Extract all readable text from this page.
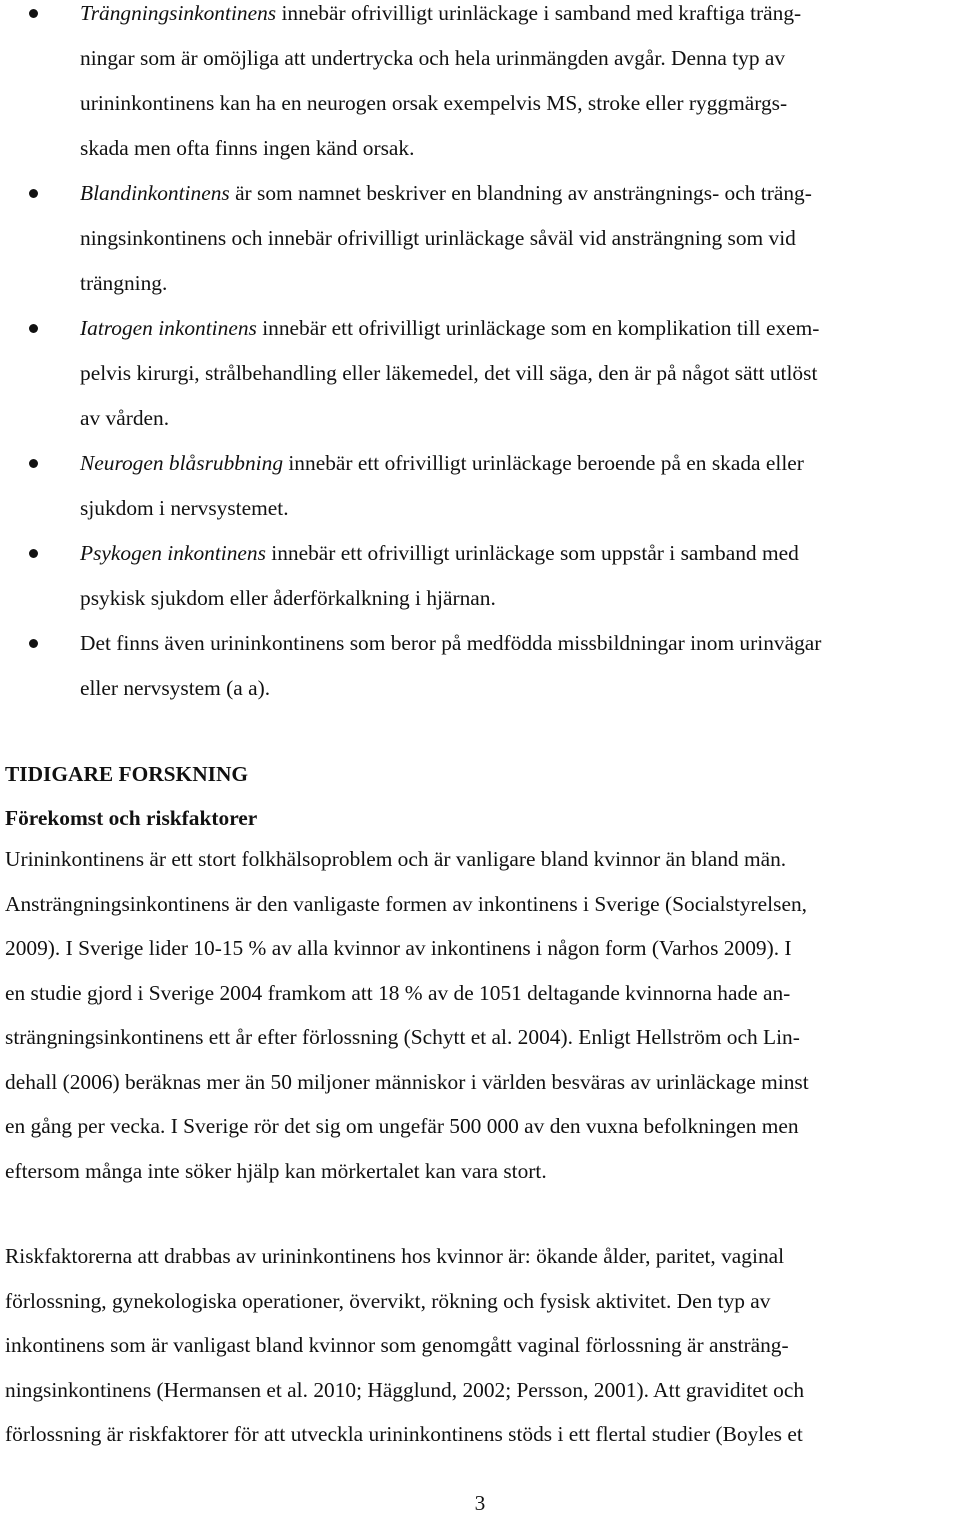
Trängningsinkontinens innebär ofrivilligt urinläckage i samband med kraftiga träng-
ningar som är omöjliga att undertrycka och hela urinmängden avgår. Denna typ av
urininkontinens kan ha en neurogen orsak exempelvis MS, stroke eller ryggmärgs-
skada men ofta finns ingen känd orsak.
Blandinkontinens är som namnet beskriver en blandning av ansträngnings- och träng-
ningsinkontinens och innebär ofrivilligt urinläckage såväl vid ansträngning som vid
trängning.
Iatrogen inkontinens innebär ett ofrivilligt urinläckage som en komplikation till exem-
pelvis kirurgi, strålbehandling eller läkemedel, det vill säga, den är på något sätt utlöst
av vården.
Neurogen blåsrubbning innebär ett ofrivilligt urinläckage beroende på en skada eller
sjukdom i nervsystemet.
Psykogen inkontinens innebär ett ofrivilligt urinläckage som uppstår i samband med
psykisk sjukdom eller åderförkalkning i hjärnan.
Det finns även urininkontinens som beror på medfödda missbildningar inom urinvägar
eller nervsystem (a a).
TIDIGARE FORSKNING
Förekomst och riskfaktorer
Urininkontinens är ett stort folkhälsoproblem och är vanligare bland kvinnor än bland män.
Ansträngningsinkontinens är den vanligaste formen av inkontinens i Sverige (Socialstyrelsen,
2009). I Sverige lider 10-15 % av alla kvinnor av inkontinens i någon form (Varhos 2009). I
en studie gjord i Sverige 2004 framkom att 18 % av de 1051 deltagande kvinnorna hade an-
strängningsinkontinens ett år efter förlossning (Schytt et al. 2004). Enligt Hellström och Lin-
dehall (2006) beräknas mer än 50 miljoner människor i världen besväras av urinläckage minst
en gång per vecka. I Sverige rör det sig om ungefär 500 000 av den vuxna befolkningen men
eftersom många inte söker hjälp kan mörkertalet kan vara stort.
Riskfaktorerna att drabbas av urininkontinens hos kvinnor är: ökande ålder, paritet, vaginal
förlossning, gynekologiska operationer, övervikt, rökning och fysisk aktivitet. Den typ av
inkontinens som är vanligast bland kvinnor som genomgått vaginal förlossning är ansträng-
ningsinkontinens (Hermansen et al. 2010; Hägglund, 2002; Persson, 2001). Att graviditet och
förlossning är riskfaktorer för att utveckla urininkontinens stöds i ett flertal studier (Boyles et
3
